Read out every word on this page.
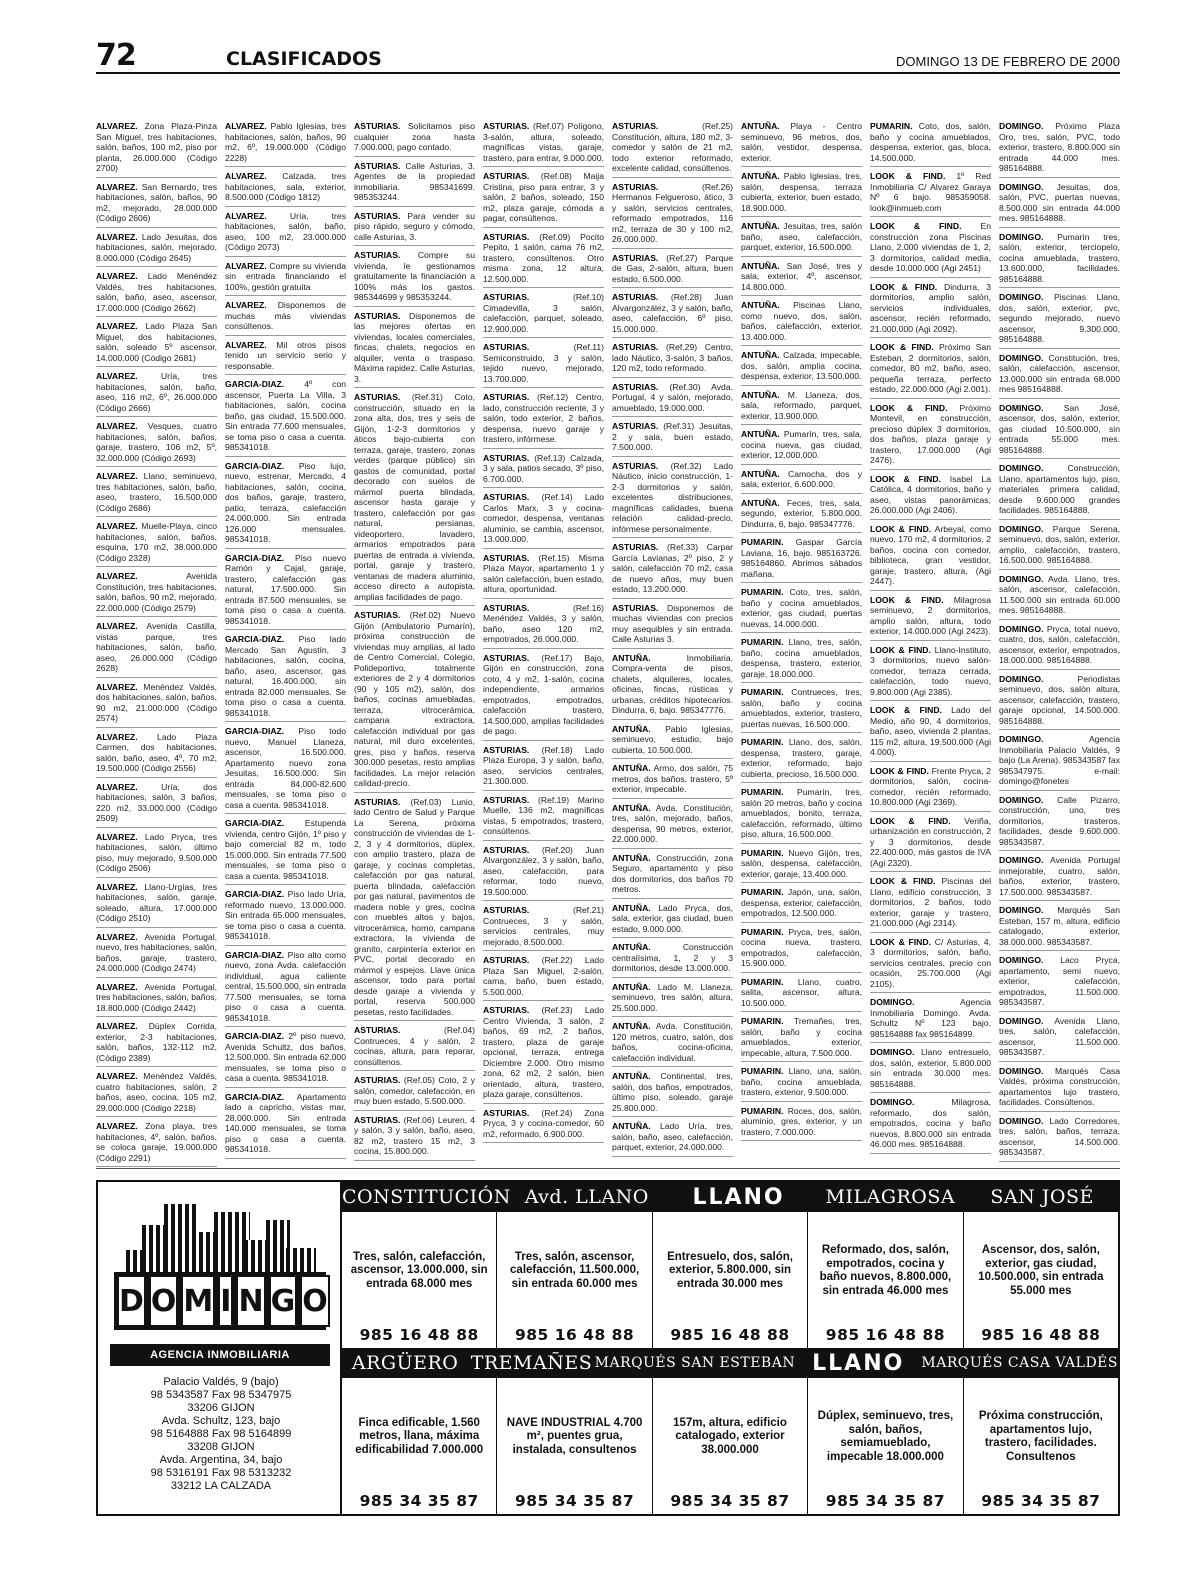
72	CLASIFICADOS	DOMINGO 13 DE FEBRERO DE 2000
ALVAREZ. Zona Plaza-Pinza San Miguel, tres habitaciones, salón, baños, 100 m2, piso por planta, 26.000.000 (Código 2700)
ALVAREZ. San Bernardo, tres habitaciones, salón, baños, 90 m2, mejorado, 28.000.000 (Código 2606)
ALVAREZ. Lado Jesuitas, dos habitaciones, salón, mejorado, 8.000.000 (Código 2645)
ALVAREZ. Lado Menéndez Valdés, tres habitaciones, salón, baño, aseo, ascensor, 17.000.000 (Código 2662)
ALVAREZ. Lado Plaza San Miguel, dos habitaciones, salón, soleado 5º ascensor, 14.000.000 (Código 2681)
ALVAREZ.	Uría, tres habitaciones, salón, baño, aseo, 116 m2, 6º, 26.000.000 (Código 2666)
ALVAREZ. Vesques, cuatro habitaciones, salón, baños, garaje, trastero, 106 m2, 5º, 32.000.000 (Código 2693)
ALVAREZ. Llano, seminuevo, tres habitaciones, salón, baño, aseo, trastero, 16.500.000 (Código 2686)
ALVAREZ. Muelle-Playa, cinco habitaciones, salón, baños, esquina, 170 m2, 38.000.000 (Código 2328)
ALVAREZ.	Avenida Constitución, tres habitaciones, salón, baños, 90 m2, mejorado, 22.000.000 (Código 2579)
ALVAREZ. Avenida Castilla, vistas parque, tres habitaciones, salón, baño, aseo, 26.000.000 (Código 2628)
ALVAREZ. Menéndez Valdés, dos habitaciones, salón, baños, 90 m2, 21.000.000 (Código 2574)
ALVAREZ. Lado Plaza Carmen, dos habitaciones, salón, baño, aseo, 4º, 70 m2, 19.500.000 (Código 2556)
ALVAREZ.	Uría, dos habitaciones, salón, 3 baños, 220 m2, 33.000.000 (Código 2509)
ALVAREZ. Lado Pryca, tres habitaciones, salón, último piso, muy mejorado, 9.500.000 (Código 2506)
ALVAREZ. Llano-Urgías, tres habitaciones, salón, garaje, soleado, altura, 17.000.000 (Código 2510)
ALVAREZ. Avenida Portugal, nuevo, tres habitaciones, salón, baños, garaje, trastero, 24.000.000 (Código 2474)
ALVAREZ. Avenida Portugal, tres habitaciones, salón, baños, 18.800.000 (Código 2442)
ALVAREZ. Dúplex Corrida, exterior, 2-3 habitaciones, salón, baños, 132-112 m2, (Código 2389)
ALVAREZ. Menéndez Valdés, cuatro habitaciones, salón, 2 baños, aseo, cocina, 105 m2, 29.000.000 (Código 2218)
ALVAREZ. Zona playa, tres habitaciones, 4º, salón, baños, se coloca garaje, 19.000.000 (Código 2291)
ALVAREZ. Pablo Iglesias, tres habitaciones, salón, baños, 90 m2, 6º, 19.000.000 (Código 2228)
ALVAREZ. Calzada, tres habitaciones, sala, exterior, 8.500.000 (Código 1812)
ALVAREZ.	Uría, tres habitaciones, salón, baño, aseo, 100 m2, 23.000.000 (Código 2073)
ALVAREZ. Compre su vivienda sin entrada financiando el 100%, gestión gratuita
ALVAREZ. Disponemos de muchas más viviendas consúltenos.
ALVAREZ. Mil otros pisos tenido un servicio serio y responsable.
GARCIA-DIAZ. 4º con ascensor, Puerta La Villa, 3 habitaciones, salón, cocina baño, gas ciudad, 15.500.000. Sin entrada 77.600 mensuales, se toma piso o casa a cuenta. 985341018.
GARCIA-DIAZ. Piso lujo, nuevo, estrenar, Mercado, 4 habitaciones, salón, cocina, dos baños, garaje, trastero, patio, terraza, calefacción 24.000.000. Sin entrada 126.000 mensuales. 985341018.
GARCIA-DIAZ. Piso nuevo Ramón y Cajal, garaje, trastero, calefacción gas natural, 17.500.000. Sin entrada 87.500 mensuales, se toma piso o casa a cuenta. 985341018.
GARCIA-DIAZ. Piso lado Mercado San Agustín, 3 habitaciones, salón, cocina, baño, aseo, ascensor, gas natural, 16.400.000, sin entrada 82.000 mensuales. Se toma piso o casa a cuenta. 985341018.
GARCIA-DIAZ. Piso todo nuevo, Manuel Llaneza, ascensor, 16.500.000. Apartamento nuevo zona Jesuitas, 16.500.000. Sin entrada 84.000-82.600 mensuales, se toma piso o casa a cuenta. 985341018.
GARCIA-DIAZ. Estupenda vivienda, centro Gijón, 1º piso y bajo comercial 82 m, todo 15.000.000. Sin entrada 77.500 mensuales, se toma piso o casa a cuenta. 985341018.
GARCIA-DIAZ. Piso lado Uría, reformado nuevo, 13.000.000. Sin entrada 65.000 mensuales, se toma piso o casa a cuenta. 985341018.
GARCIA-DIAZ. Piso alto como nuevo, zona Avda. calefacción individual, agua caliente central, 15.500.000, sin entrada 77.500 mensuales, se toma piso o casa a cuenta. 985341018.
GARCIA-DIAZ. 2º piso nuevo, Avenida Schultz, dos baños, 12.500.000. Sin entrada 62.000 mensuales, se toma piso o casa a cuenta. 985341018.
GARCIA-DIAZ. Apartamento lado a capricho, vistas mar, 28.000.000. Sin entrada 140.000 mensuales, se toma piso o casa a cuenta. 985341018.
ASTURIAS. Solicitamos piso cualquier zona hasta 7.000.000, pago contado.
ASTURIAS. Calle Asturias, 3. Agentes de la propiedad inmobiliaria. 985341699. 985353244.
ASTURIAS. Para vender su piso rápido, seguro y cómodo, calle Asturias, 3.
ASTURIAS. Compre su vivienda, le gestionamos gratuitamente la financiación a 100% más los gastos. 985344699 y 985353244.
ASTURIAS. Disponemos de las mejores ofertas en viviendas, locales comerciales, fincas, chalets, negocios en alquiler, venta o traspaso. Máxima rapidez. Calle Asturias, 3.
ASTURIAS. (Ref.31) Coto, construcción, situado en la zona alta, dos, tres y seis de Gijón, 1-2-3 dormitorios y áticos bajo-cubierta con terraza, garaje, trastero, zonas verdes (parque público) sin gastos de comunidad, portal decorado con suelos de mármol puerta blindada, ascensor hasta garaje y trastero, calefacción por gas natural, persianas, videoportero, lavadero, armarios empotrados para puertas de entrada a vivienda, portal, garaje y trastero, ventanas de madera aluminio, acceso directo a autopista, amplias facilidades de pago.
ASTURIAS. (Ref.02) Nuevo Gijón (Ambulatorio Pumarín), próxima construcción de viviendas muy amplias, al lado de Centro Comercial, Colegio, Polideportivo, totalmente exteriores de 2 y 4 dormitorios (90 y 105 m2), salón, dos baños, cocinas amuebladas, terraza, vitrocerámica, campana extractora, calefacción individual por gas natural, mil duro excelentes, gres, piso y baños, reserva 300.000 pesetas, resto amplias facilidades. La mejor relación calidad-precio.
ASTURIAS. (Ref.03) Lunio, lado Centro de Salud y Parque La Serena, próxima construcción de viviendas de 1-2, 3 y 4 dormitorios, dúplex, con amplio trastero, plaza de garaje, y cocinas completas, calefacción por gas natural, puerta blindada, calefacción por gas natural, pavimentos de madera noble y gres, cocina con muebles altos y bajos, vitrocerámica, horno, campana extractora, la vivienda de granito, carpintería exterior en PVC, portal decorado en mármol y espejos. Llave única ascensor, todo para portal desde garaje a vivienda y portal, reserva 500.000 pesetas, resto facilidades.
ASTURIAS.	(Ref.04) Contrueces, 4 y salón, 2 cocinas, altura, para reparar, consúltenos.
ASTURIAS. (Ref.05) Coto, 2 y salón, comedor, calefacción, en muy buen estado, 5.500.000.
ASTURIAS. (Ref.06) Leuren, 4 y salón, 3 y salón, baño, aseo, 82 m2, trastero 15 m2, 3 cocina, 15.800.000.
ASTURIAS. (Ref.07) Polígono, 3-salón, altura, soleado, magníficas vistas, garaje, trastero, para entrar, 9.000.000.
ASTURIAS. (Ref.08) Maija Cristina, piso para entrar, 3 y salón, 2 baños, soleado, 150 m2, plaza garaje, cómoda a pagar, consúltenos.
ASTURIAS. (Ref.09) Pocito Pepito, 1 salón, cama 76 m2, trastero, consúltenos. Otro misma zona, 12 altura, 12.500.000.
ASTURIAS.	(Ref.10) Cimadevilla, 3 salón, calefacción, parquet, soleado, 12.900.000.
ASTURIAS.	(Ref.11) Semiconstruido, 3 y salón, tejido nuevo, mejorado, 13.700.000.
ASTURIAS. (Ref.12) Centro, lado, construcción reciente, 3 y salón, todo exterior, 2 baños, despensa, nuevo garaje y trastero, infórmese.
ASTURIAS. (Ref.13) Calzada, 3 y sala, patios secado, 3º piso, 6.700.000.
ASTURIAS. (Ref.14) Lado Carlos Marx, 3 y cocina-comedor, despensa, ventanas aluminio, se cambia, ascensor, 13.000.000.
ASTURIAS. (Ref.15) Misma Plaza Mayor, apartamento 1 y salón calefacción, buen estado, altura, oportunidad.
ASTURIAS.	(Ref.16) Menéndez Valdés, 3 y salón, baño, aseo 120 m2, empotrados, 26.000.000.
ASTURIAS. (Ref.17) Bajo, Gijón en construcción, zona coto, 4 y m2, 1-salón, cocina independiente, armarios empotrados, empotrados, calefacción trastero, 14.500.000, amplias facilidades de pago.
ASTURIAS. (Ref.18) Lado Plaza Europa, 3 y salón, baño, aseo, servicios centrales, 21.300.000.
ASTURIAS. (Ref.19) Marino Muelle, 136 m2, magníficas vistas, 5 empotrados, trastero, consúltenos.
ASTURIAS. (Ref.20) Juan Alvargonzález, 3 y salón, baño, aseo, calefacción, para reformar, todo nuevo, 19.500.000.
ASTURIAS.	(Ref.21) Contrueces, 3 y salón, servicios centrales, muy mejorado, 8.500.000.
ASTURIAS. (Ref.22) Lado Plaza San Miguel, 2-salón, cama, baño, buen estado, 5.500.000.
ASTURIAS. (Ref.23) Lado Centro Vivienda, 3 salón, 2 baños, 69 m2, 2 baños, trastero, plaza de garaje opcional, terraza, entrega Diciembre 2.000. Otro mismo zona, 62 m2, 2 salón, bien orientado, altura, trastero, plaza garaje, consúltenos.
ASTURIAS. (Ref.24) Zona Pryca, 3 y cocina-comedor, 60 m2, reformado, 6.900.000.
ASTURIAS.	(Ref.25) Constitución, altura, 180 m2, 3-comedor y salón de 21 m2, todo exterior reformado, excelente calidad, consúltenos.
ASTURIAS.	(Ref.26) Hermanos Felgueroso, ático, 3 y salón, servicios centrales, reformado empotrados, 116 m2, terraza de 30 y 100 m2, 26.000.000.
ASTURIAS. (Ref.27) Parque de Gas, 2-salón, altura, buen estado, 6.500.000.
ASTURIAS. (Ref.28) Juan Alvargonzález, 3 y salón, baño, aseo, calefacción, 6º piso, 15.000.000.
ASTURIAS. (Ref.29) Centro, lado Náutico, 3-salón, 3 baños, 120 m2, todo reformado.
ASTURIAS. (Ref.30) Avda. Portugal, 4 y salón, mejorado, amueblado, 19.000.000.
ASTURIAS. (Ref.31) Jesuitas, 2 y sala, buen estado, 7.500.000.
ASTURIAS. (Ref.32) Lado Náutico, inicio construcción, 1-2-3 dormitorios y salón, excelentes distribuciones, magníficas calidades, buena relación calidad-precio, infórmese personalmente.
ASTURIAS. (Ref.33) Carpar García Lavianas, 2º piso, 2 y salón, calefacción 70 m2, casa de nuevo años, muy buen estado, 13.200.000.
ASTURIAS. Disponemos de muchas viviendas con precios muy asequibles y sin entrada. Calle Asturias 3.
ANTUÑA.	Inmobiliaria. Compra-venta de pisos, chalets, alquileres, locales, oficinas, fincas, rústicas y urbanas, créditos hipotecarios. Dindurra, 6, bajo. 985347776.
ANTUÑA. Pablo Iglesias, seminuevo, estudio, bajo cubierta, 10.500.000.
ANTUÑA. Armo, dos salón, 75 metros, dos baños, trastero, 5º exterior, impecable.
ANTUÑA. Avda. Constitución, tres, salón, mejorado, baños, despensa, 90 metros, exterior, 22.000.000.
ANTUÑA. Construcción, zona Seguro, apartamento y piso dos dormitorios, dos baños 70 metros.
ANTUÑA. Lado Pryca, dos, sala, exterior, gas ciudad, buen estado, 9.000.000.
ANTUÑA.	Construcción centralísima, 1, 2 y 3 dormitorios, desde 13.000.000.
ANTUÑA. Lado M. Llaneza, seminuevo, tres salón, altura, 25.500.000.
ANTUÑA. Avda. Constitución, 120 metros, cuatro, salón, dos baños, cocina-oficina, calefacción individual.
ANTUÑA. Continental, tres, salón, dos baños, empotrados, último piso, soleado, garaje 25.800.000.
ANTUÑA. Lado Uría, tres, salón, baño, aseo, calefacción, parquet, exterior, 24.000.000.
ANTUÑA. Playa - Centro seminuevo, 96 metros, dos, salón, vestidor, despensa, exterior.
ANTUÑA. Pablo Iglesias, tres, salón, despensa, terraza cubierta, exterior, buen estado, 18.900.000.
ANTUÑA. Jesuitas, tres, salón baño, aseo, calefacción, parquet, exterior, 16.500.000.
ANTUÑA. San José, tres y sala, exterior, 4º, ascensor, 14.800.000.
ANTUÑA. Piscinas Llano, como nuevo, dos, salón, baños, calefacción, exterior, 13.400.000.
ANTUÑA. Calzada, impecable, dos, salón, amplia cocina, despensa, exterior, 13.500.000.
ANTUÑA. M. Llaneza, dos, sala, reformado, parquet, exterior, 13.900.000.
ANTUÑA. Pumarín, tres, sala, cocina nueva, gas ciudad, exterior, 12.000.000.
ANTUÑA. Camocha, dos y sala, exterior, 6.600.000.
ANTUÑA. Feces, tres, sala, segundo, exterior, 5.800.000. Dindurra, 6, bajo. 985347776.
PUMARIN. Gaspar García Laviana, 16, bajo. 985163726. 985164860. Abrimos sábados mañana.
PUMARIN. Coto, tres, salón, baño y cocina amueblados, exterior, gas ciudad, puertas nuevas, 14.000.000.
PUMARIN. Llano, tres, salón, baño, cocina amueblados, despensa, trastero, exterior, garaje, 18.000.000.
PUMARIN. Contrueces, tres, salón, baño y cocina amueblados, exterior, trastero, puertas nuevas, 16.500.000.
PUMARIN. Llano, dos, salón, despensa, trastero, garaje, exterior, reformado, bajo cubierta, precioso, 16.500.000.
PUMARIN. Pumarín, tres, salón 20 metros, baño y cocina amueblados, bonito, terraza, calefacción, reformado, último piso, altura, 16.500.000.
PUMARIN. Nuevo Gijón, tres, salón, despensa, calefacción, exterior, garaje, 13.400.000.
PUMARIN. Japón, una, salón, despensa, exterior, calefacción, empotrados, 12.500.000.
PUMARIN. Pryca, tres, salón, cocina nueva, trastero, empotrados, calefacción, 15.900.000.
PUMARIN. Llano, cuatro, salita, ascensor, altura, 10.500.000.
PUMARIN. Tremañes, tres, salón, baño y cocina amueblados, exterior, impecable, altura, 7.500.000.
PUMARIN. Llano, una, salón, baño, cocina amueblada, trastero, exterior, 9.500.000.
PUMARIN. Roces, dos, salón, aluminio, gres, exterior, y un trastero, 7.000.000.
PUMARIN. Coto, dos, salón, baño y cocina amueblados, despensa, exterior, gas, bloca, 14.500.000.
LOOK & FIND. 1º Red Inmobiliaria C/ Alvarez Garaya Nº 6 bajo. 985359058. look@inmueb.com
LOOK & FIND. En construcción zona Piscinas Llano, 2.000 viviendas de 1, 2, 3 dormitorios, calidad media, desde 10.000.000 (Agi 2451)
LOOK & FIND. Dindurra, 3 dormitorios, amplio salón, servicios individuales, ascensor, recién reformado, 21.000.000 (Agi 2092).
LOOK & FIND. Próximo San Esteban, 2 dormitorios, salón, comedor, 80 m2, baño, aseo, pequeña terraza, perfecto estado, 22.000.000 (Agi 2.001).
LOOK & FIND. Próximo Montevil, en construcción, precioso dúplex 3 dormitorios, dos baños, plaza garaje y trastero, 17.000.000 (Agi 2476).
LOOK & FIND. Isabel La Católica, 4 dormitorios, baño y aseo, vistas panorámicas, 26.000.000 (Agi 2406).
LOOK & FIND. Arbeyal, como nuevo, 170 m2, 4 dormitorios, 2 baños, cocina con comedor, biblioteca, gran vestidor, garaje, trastero, altura, (Agi 2447).
LOOK & FIND. Milagrosa seminuevo, 2 dormitorios, amplio salón, altura, todo exterior, 14.000.000 (Agi 2423).
LOOK & FIND. Llano-Instituto, 3 dormitorios, nuevo salón-comedor, terraza cerrada, calefacción, todo nuevo, 9.800.000 (Agi 2385).
LOOK & FIND. Lado del Medio, año 90, 4 dormitorios, baño, aseo, vivienda 2 plantas, 115 m2, altura, 19.500.000 (Agi 4.000).
LOOK & FIND. Frente Pryca, 2 dormitorios, salón, cocina-comedor, recién reformado, 10.800.000 (Agi 2369).
LOOK & FIND. Veriña, urbanización en construcción, 2 y 3 dormitorios, desde 22.400.000, más gastos de IVA (Agi 2320).
LOOK & FIND. Piscinas del Llano, edificio construcción, 3 dormitorios, 2 baños, todo exterior, garaje y trastero, 21.000.000 (Agi 2314).
LOOK & FIND. C/ Asturias, 4, 3 dormitorios, salón, baño, servicios centrales, precio con ocasión, 25.700.000 (Agi 2105).
DOMINGO.	Agencia Inmobiliaria Domingo. Avda. Schultz Nº 123 bajo. 985164888 fax 985164899.
DOMINGO. Llano entresuelo, dos, salón, exterior, 5.800.000 sin entrada 30.000 mes. 985164888.
DOMINGO.	Milagrosa, reformado, dos salón, empotrados, cocina y baño nuevos, 8.800.000 sin entrada 46.000 mes. 985164888.
DOMINGO. Próximo Plaza Oro, tres, salón, PVC, todo exterior, trastero, 8.800.000 sin entrada 44.000 mes. 985164888.
DOMINGO. Jesuitas, dos, salón, PVC, puertas nuevas, 8.500.000 sin entrada 44.000 mes. 985164888.
DOMINGO. Pumarín tres, salón, exterior, terciopelo, cocina amueblada, trastero, 13.600.000, facilidades. 985164888.
DOMINGO. Piscinas Llano, dos, salón, exterior, pvc, segundo mejorado, nuevo ascensor, 9.300.000, 985164888.
DOMINGO. Constitución, tres, salón, calefacción, ascensor, 13.000.000 sin entrada 68.000 mes 985164888.
DOMINGO. San José, ascensor, dos, salón, exterior, gas ciudad 10.500.000, sin entrada 55.000 mes. 985164888.
DOMINGO.	Construcción, Llano, apartamentos lujo, piso, materiales primera calidad, desde 9.600.000 grandes facilidades. 985164888.
DOMINGO. Parque Serena, seminuevo, dos, salón, exterior, amplio, calefacción, trastero, 16.500.000. 985164888.
DOMINGO. Avda. Llano, tres, salón, ascensor, calefacción, 11.500.000 sin entrada 60.000 mes. 985164888.
DOMINGO. Pryca, total nuevo, cuatro, dos, salón, calefacción, ascensor, exterior, empotrados, 18.000.000. 985164888.
DOMINGO.	Periodistas seminuevo, dos, salón altura, ascensor, calefacción, trastero, garaje opcional, 14.500.000. 985164888.
DOMINGO.	Agencia Inmobiliaria Palacio Valdés, 9 bajo (La Arena). 985343587 fax 985347975. e-mail: domingo@fonetes
DOMINGO. Calle Pizarro, construcción, uno, tres dormitorios, trasteros, facilidades, desde 9.600.000. 985343587.
DOMINGO. Avenida Portugal inmejorable, cuatro, salón, baños, exterior, trastero, 17.500.000. 985343587.
DOMINGO. Marqués San Esteban, 157 m, altura, edificio catalogado, exterior, 38.000.000. 985343587.
DOMINGO. Laco Pryca, apartamento, semi nuevo, exterior, calefacción, empotrados, 11.500.000. 985343587.
DOMINGO. Avenida Llano, tres, salón, calefacción, ascensor, 11.500.000. 985343587.
DOMINGO. Marqués Casa Valdés, próxima construcción, apartamentos lujo trastero, facilidades. Consúltenos.
DOMINGO. Lado Corredores, tres, salón, baños, terraza, ascensor, 14.500.000. 985343587.
D O M I N G O
AGENCIA INMOBILIARIA
Palacio Valdés, 9 (bajo)
98 5343587 Fax 98 5347975
33206 GIJON
Avda. Schultz, 123, bajo
98 5164888 Fax 98 5164899
33208 GIJON
Avda. Argentina, 34, bajo
98 5316191 Fax 98 5313232
33212 LA CALZADA
CONSTITUCIÓN Avd. LLANO	LLANO	MILAGROSA	SAN JOSÉ
Tres, salón, calefacción, ascensor, 13.000.000, sin entrada 68.000 mes
985 16 48 88
Tres, salón, ascensor, calefacción, 11.500.000, sin entrada 60.000 mes
985 16 48 88
Entresuelo, dos, salón, exterior, 5.800.000, sin entrada 30.000 mes
985 16 48 88
Reformado, dos, salón, empotrados, cocina y baño nuevos, 8.800.000, sin entrada 46.000 mes
985 16 48 88
Ascensor, dos, salón, exterior, gas ciudad, 10.500.000, sin entrada 55.000 mes
985 16 48 88
ARGÜERO TREMAÑES MARQUÉS SAN ESTEBAN LLANO	MARQUÉS CASA VALDÉS
Finca edificable, 1.560 metros, llana, máxima edificabilidad 7.000.000
985 34 35 87
NAVE INDUSTRIAL 4.700 m², puentes grua, instalada, consultenos
985 34 35 87
157m, altura, edificio catalogado, exterior 38.000.000
985 34 35 87
Dúplex, seminuevo, tres, salón, baños, semiamueblado, impecable 18.000.000
985 34 35 87
Próxima construcción, apartamentos lujo, trastero, facilidades. Consultenos
985 34 35 87
